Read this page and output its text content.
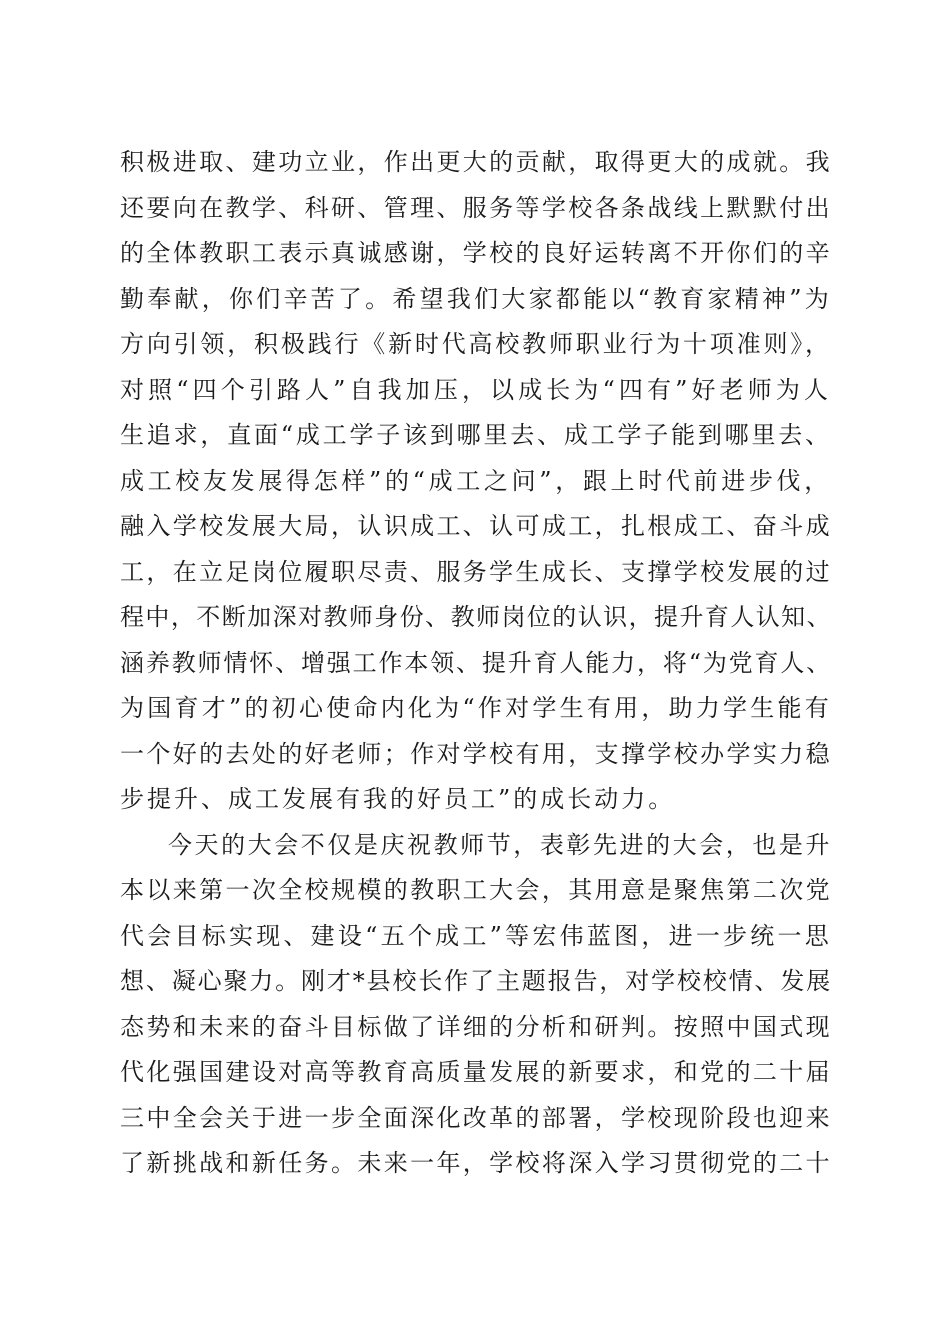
积极进取、建功立业，作出更大的贡献，取得更大的成就。我
还要向在教学、科研、管理、服务等学校各条战线上默默付出
的全体教职工表示真诚感谢，学校的良好运转离不开你们的辛
勤奉献，你们辛苦了。希望我们大家都能以“教育家精神”为
方向引领，积极践行《新时代高校教师职业行为十项准则》，
对照“四个引路人”自我加压，以成长为“四有”好老师为人
生追求，直面“成工学子该到哪里去、成工学子能到哪里去、
成工校友发展得怎样”的“成工之问”，跟上时代前进步伐，
融入学校发展大局，认识成工、认可成工，扎根成工、奋斗成
工，在立足岗位履职尽责、服务学生成长、支撑学校发展的过
程中，不断加深对教师身份、教师岗位的认识，提升育人认知、
涵养教师情怀、增强工作本领、提升育人能力，将“为党育人、
为国育才”的初心使命内化为“作对学生有用，助力学生能有
一个好的去处的好老师；作对学校有用，支撑学校办学实力稳
步提升、成工发展有我的好员工”的成长动力。

今天的大会不仅是庆祝教师节，表彰先进的大会，也是升
本以来第一次全校规模的教职工大会，其用意是聚焦第二次党
代会目标实现、建设“五个成工”等宏伟蓝图，进一步统一思
想、凝心聚力。刚才*县校长作了主题报告，对学校校情、发展
态势和未来的奋斗目标做了详细的分析和研判。按照中国式现
代化强国建设对高等教育高质量发展的新要求，和党的二十届
三中全会关于进一步全面深化改革的部署，学校现阶段也迎来
了新挑战和新任务。未来一年，学校将深入学习贯彻党的二十
